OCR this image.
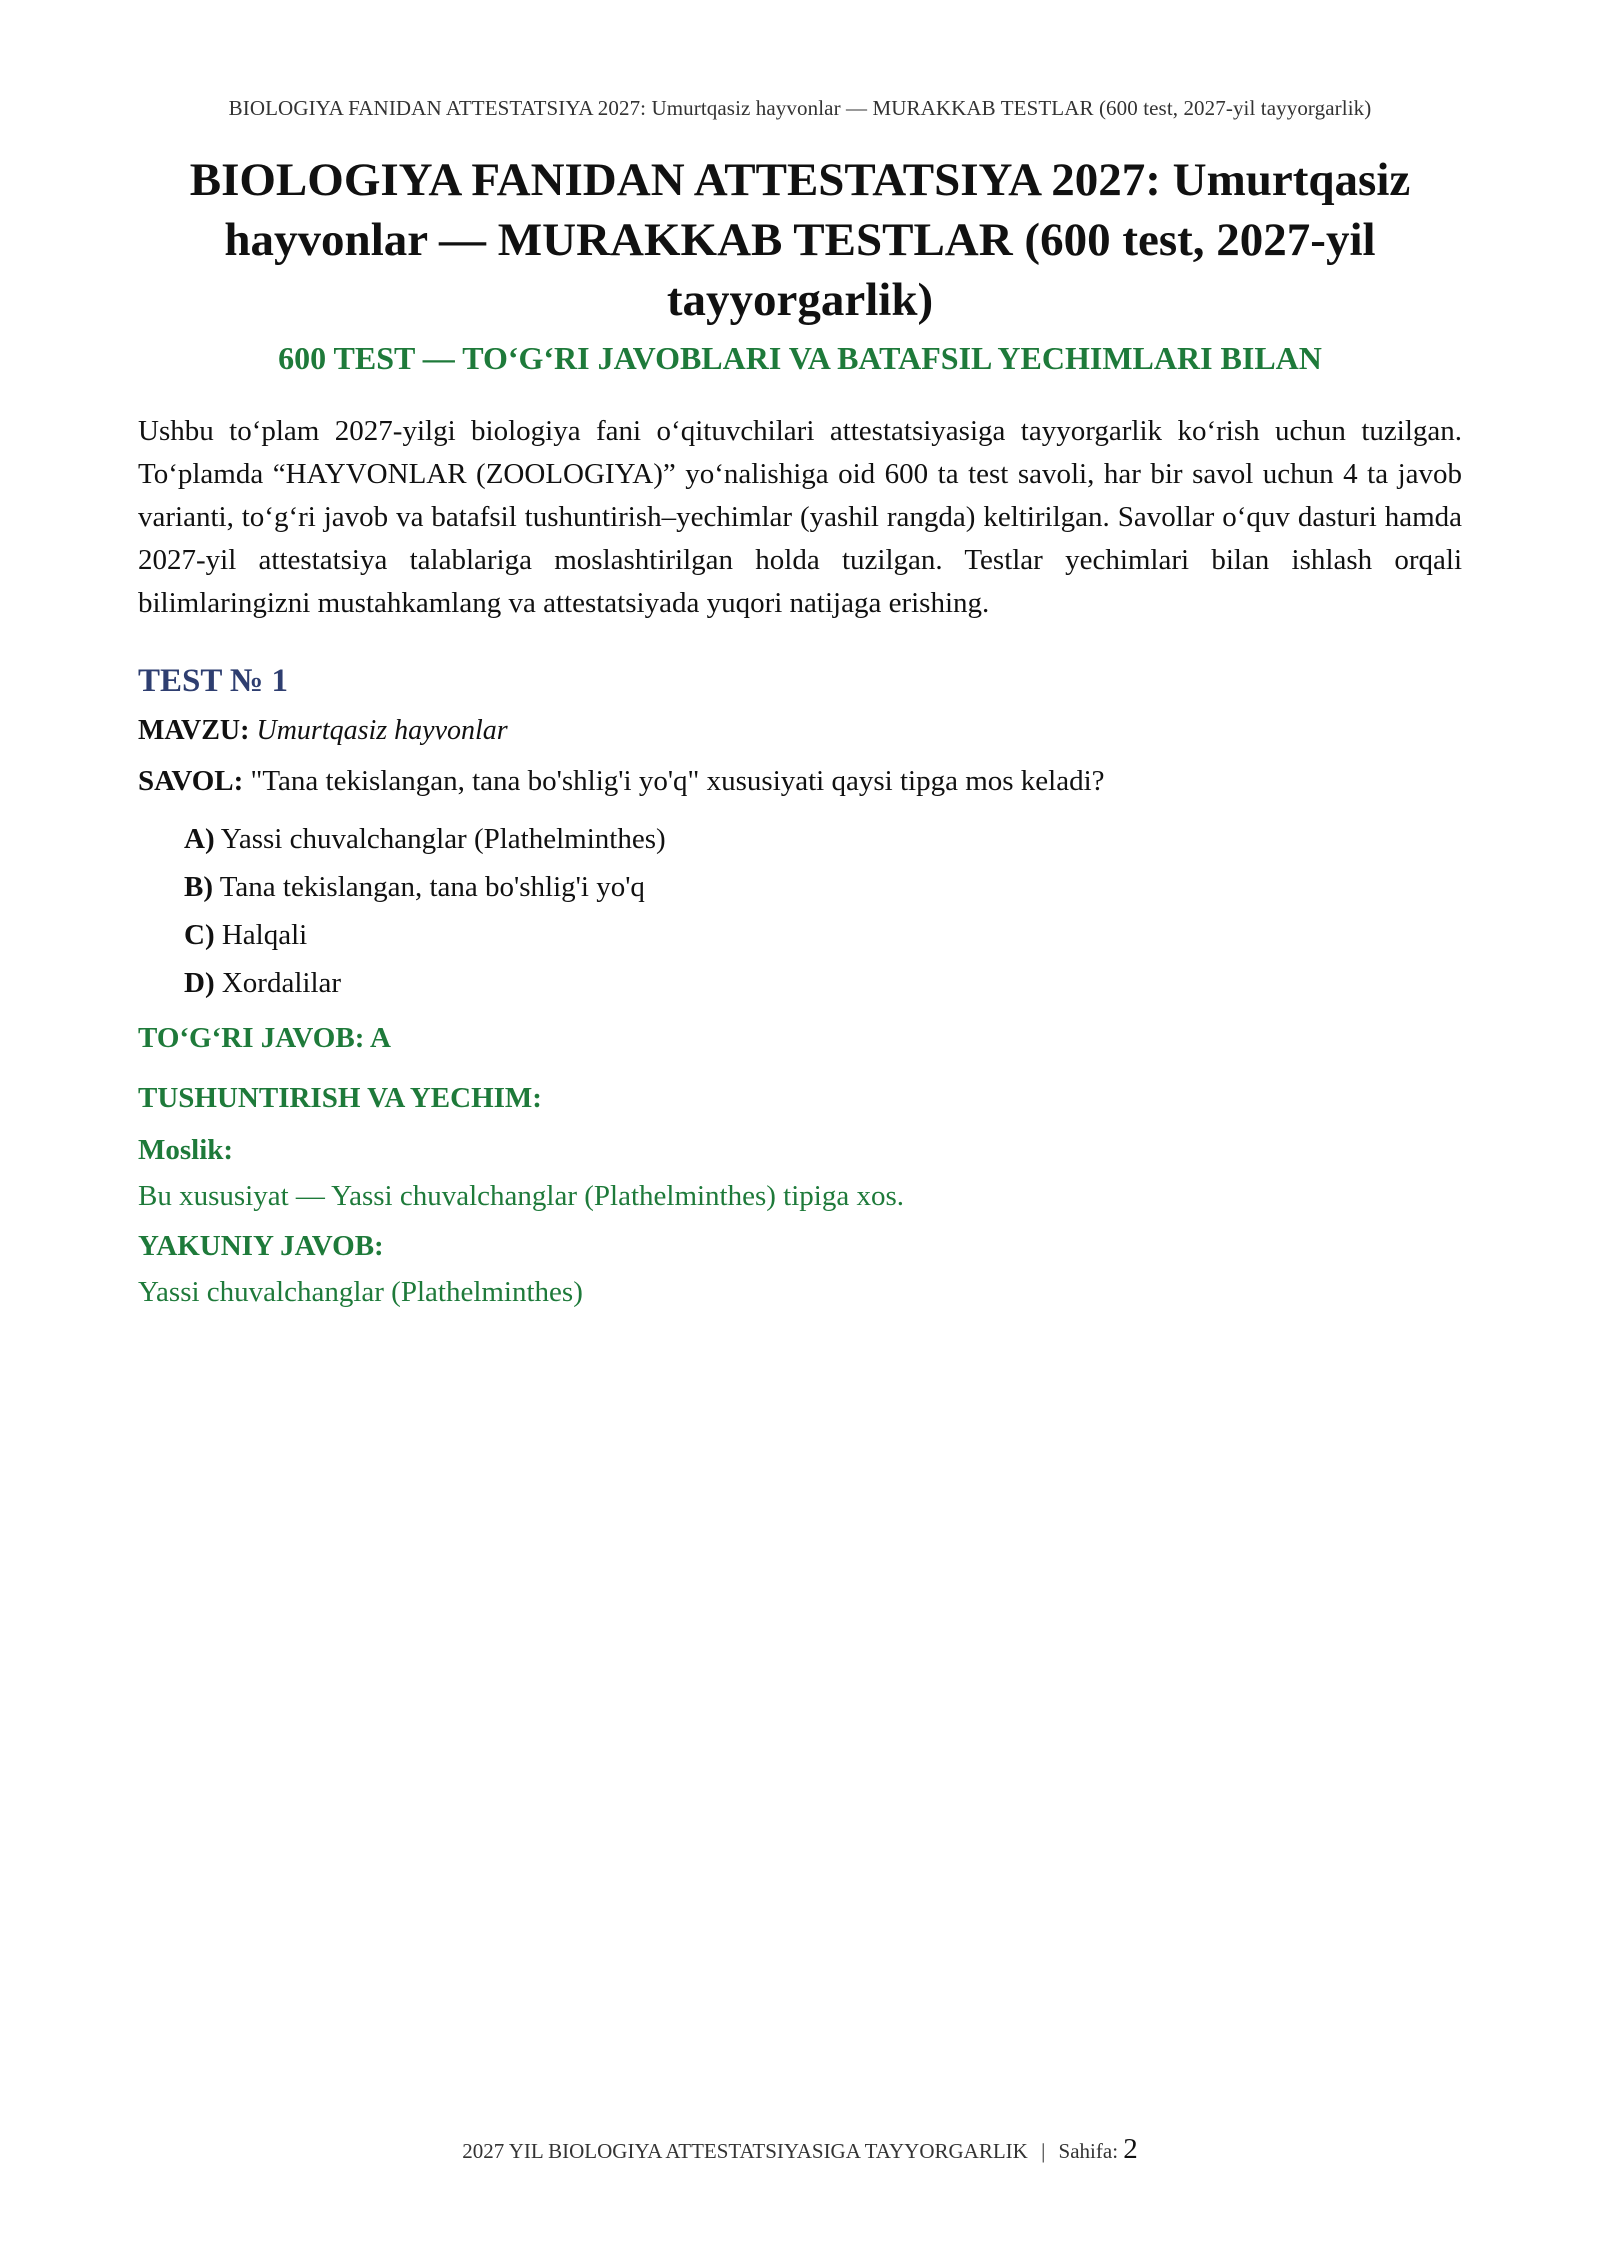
BIOLOGIYA FANIDAN ATTESTATSIYA 2027: Umurtqasiz hayvonlar — MURAKKAB TESTLAR (600 test, 2027-yil tayyorgarlik)
BIOLOGIYA FANIDAN ATTESTATSIYA 2027: Umurtqasiz hayvonlar — MURAKKAB TESTLAR (600 test, 2027-yil tayyorgarlik)
600 TEST — TO‘G‘RI JAVOBLARI VA BATAFSIL YECHIMLARI BILAN

Ushbu to‘plam 2027-yilgi biologiya fani o‘qituvchilari attestatsiyasiga tayyorgarlik ko‘rish uchun tuzilgan. To‘plamda “HAYVONLAR (ZOOLOGIYA)” yo‘nalishiga oid 600 ta test savoli, har bir savol uchun 4 ta javob varianti, to‘g‘ri javob va batafsil tushuntirish–yechimlar (yashil rangda) keltirilgan. Savollar o‘quv dasturi hamda 2027-yil attestatsiya talablariga moslashtirilgan holda tuzilgan. Testlar yechimlari bilan ishlash orqali bilimlaringizni mustahkamlang va attestatsiyada yuqori natijaga erishing.

TEST № 1
MAVZU: Umurtqasiz hayvonlar
SAVOL: "Tana tekislangan, tana bo'shlig'i yo'q" xususiyati qaysi tipga mos keladi?
A) Yassi chuvalchanglar (Plathelminthes)
B) Tana tekislangan, tana bo'shlig'i yo'q
C) Halqali
D) Xordalilar
TO‘G‘RI JAVOB: A
TUSHUNTIRISH VA YECHIM:
Moslik:
Bu xususiyat — Yassi chuvalchanglar (Plathelminthes) tipiga xos.
YAKUNIY JAVOB:
Yassi chuvalchanglar (Plathelminthes)
2027 YIL BIOLOGIYA ATTESTATSIYASIGA TAYYORGARLIK | Sahifa: 2
